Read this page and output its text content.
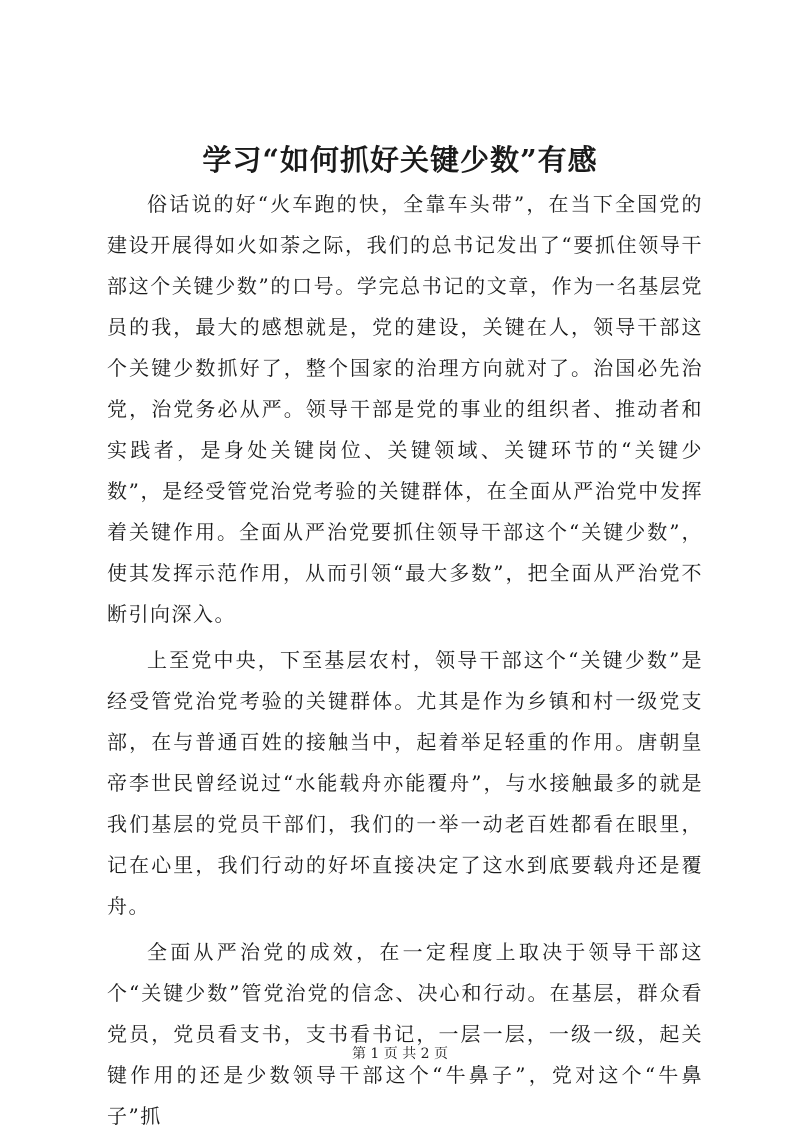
学习“如何抓好关键少数”有感

俗话说的好“火车跑的快，全靠车头带”，在当下全国党的建设开展得如火如荼之际，我们的总书记发出了“要抓住领导干部这个关键少数”的口号。学完总书记的文章，作为一名基层党员的我，最大的感想就是，党的建设，关键在人，领导干部这个关键少数抓好了，整个国家的治理方向就对了。治国必先治党，治党务必从严。领导干部是党的事业的组织者、推动者和实践者，是身处关键岗位、关键领域、关键环节的“关键少数”，是经受管党治党考验的关键群体，在全面从严治党中发挥着关键作用。全面从严治党要抓住领导干部这个“关键少数”，使其发挥示范作用，从而引领“最大多数”，把全面从严治党不断引向深入。

上至党中央，下至基层农村，领导干部这个“关键少数”是经受管党治党考验的关键群体。尤其是作为乡镇和村一级党支部，在与普通百姓的接触当中，起着举足轻重的作用。唐朝皇帝李世民曾经说过“水能载舟亦能覆舟”，与水接触最多的就是我们基层的党员干部们，我们的一举一动老百姓都看在眼里，记在心里，我们行动的好坏直接决定了这水到底要载舟还是覆舟。

全面从严治党的成效，在一定程度上取决于领导干部这个“关键少数”管党治党的信念、决心和行动。在基层，群众看党员，党员看支书，支书看书记，一层一层，一级一级，起关键作用的还是少数领导干部这个“牛鼻子”，党对这个“牛鼻子”抓

第 1 页 共 2 页
